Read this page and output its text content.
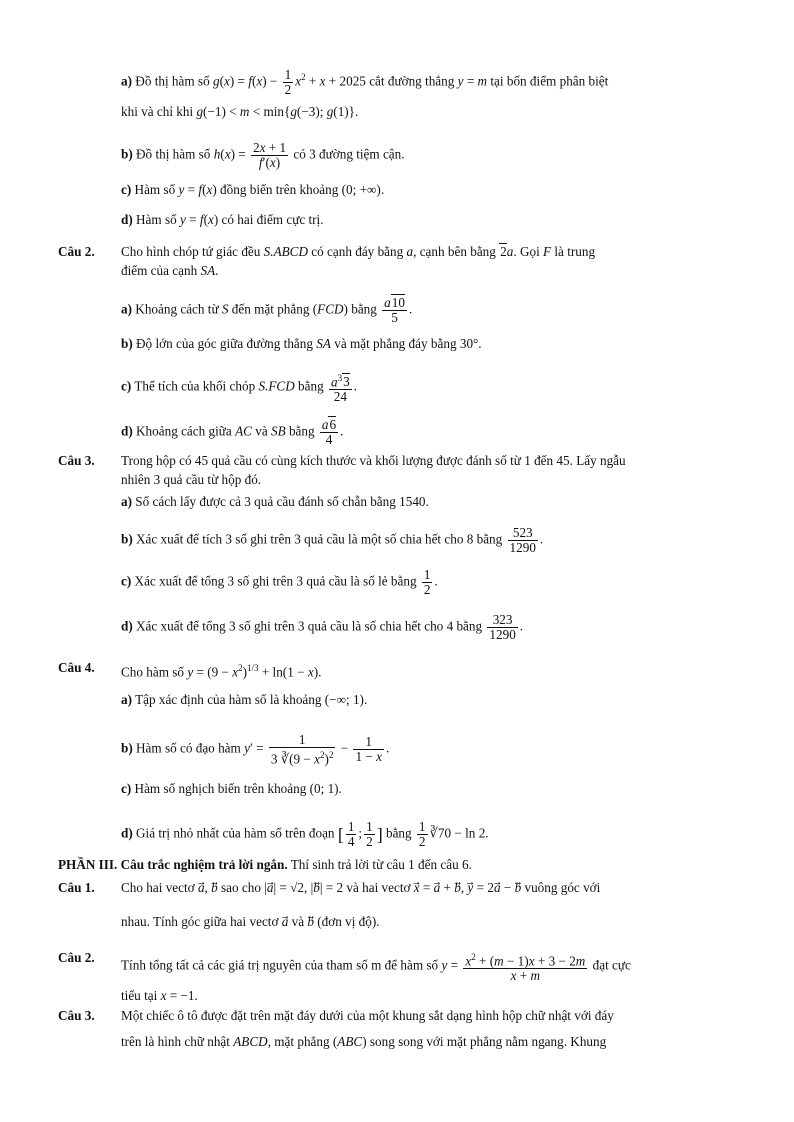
a) Đồ thị hàm số $g(x) = f(x) - \frac{1}{2} x^2 + x + 2025$ cắt đường thẳng y = m tại bốn điểm phân biệt
khi và chỉ khi g(−1) < m < min{g(−3); g(1)}.
b) Đồ thị hàm số $h(x) = \frac{2x + 1}{f'(x)}$ có 3 đường tiệm cận.
c) Hàm số y = f(x) đồng biến trên khoảng (0; +∞).
d) Hàm số y = f(x) có hai điểm cực trị.
Câu 2. Cho hình chóp tứ giác đều S.ABCD có cạnh đáy bằng a, cạnh bên bằng 2a. Gọi F là trung
điểm của cạnh SA.
a) Khoảng cách từ S đến mặt phẳng (FCD) bằng $\frac{a10}{5}$ .
b) Độ lớn của góc giữa đường thẳng SA và mặt phẳng đáy bằng 30°.
c) Thể tích của khối chóp S.FCD bằng $\frac{a^33}{24}$ .
d) Khoảng cách giữa AC và SB bằng $\frac{a6}{4}$ .
Câu 3. Trong hộp có 45 quả cầu có cùng kích thước và khối lượng được đánh số từ 1 đến 45. Lấy ngẫu
nhiên 3 quả cầu từ hộp đó.
a) Số cách lấy được cả 3 quả cầu đánh số chẵn bằng 1540.
b) Xác xuất để tích 3 số ghi trên 3 quả cầu là một số chia hết cho 8 bằng $\frac{523}{1290}$ .
c) Xác xuất để tổng 3 số ghi trên 3 quả cầu là số lẻ bằng $\frac{1}{2}$ .
d) Xác xuất để tổng 3 số ghi trên 3 quả cầu là số chia hết cho 4 bằng $\frac{323}{1290}$ .
Câu 4. Cho hàm số $y = (9 - x^2)^{1/3} + \ln(1 - x)$.
a) Tập xác định của hàm số là khoảng (−∞; 1).
b) Hàm số có đạo hàm $y' = \frac{1}{3 ∛(9 - x^2)^2} - \frac{1}{1 - x}$ .
c) Hàm số nghịch biến trên khoảng (0; 1).
d) Giá trị nhỏ nhất của hàm số trên đoạn [ $\frac{1}{4}$ ; $\frac{1}{2}$ ] bằng $\frac{1}{2}$ ∛70 − ln 2.
PHẦN III. Câu trắc nghiệm trả lời ngắn. Thí sinh trả lời từ câu 1 đến câu 6.
Câu 1. Cho hai vectơ a⃗, b⃗ sao cho |a⃗| = √2, |b⃗| = 2 và hai vectơ x⃗ = a⃗ + b⃗, y⃗ = 2a⃗ − b⃗ vuông góc với
nhau. Tính góc giữa hai vectơ a⃗ và b⃗ (đơn vị độ).
Câu 2.
Tính tổng tất cả các giá trị nguyên của tham số m để hàm số $y = \frac{x^2 + (m - 1)x + 3 - 2m}{x + m}$ đạt cực
tiểu tại x = −1.
Câu 3. Một chiếc ô tô được đặt trên mặt đáy dưới của một khung sắt dạng hình hộp chữ nhật với đáy
trên là hình chữ nhật ABCD, mặt phẳng (ABC) song song với mặt phẳng nằm ngang. Khung
